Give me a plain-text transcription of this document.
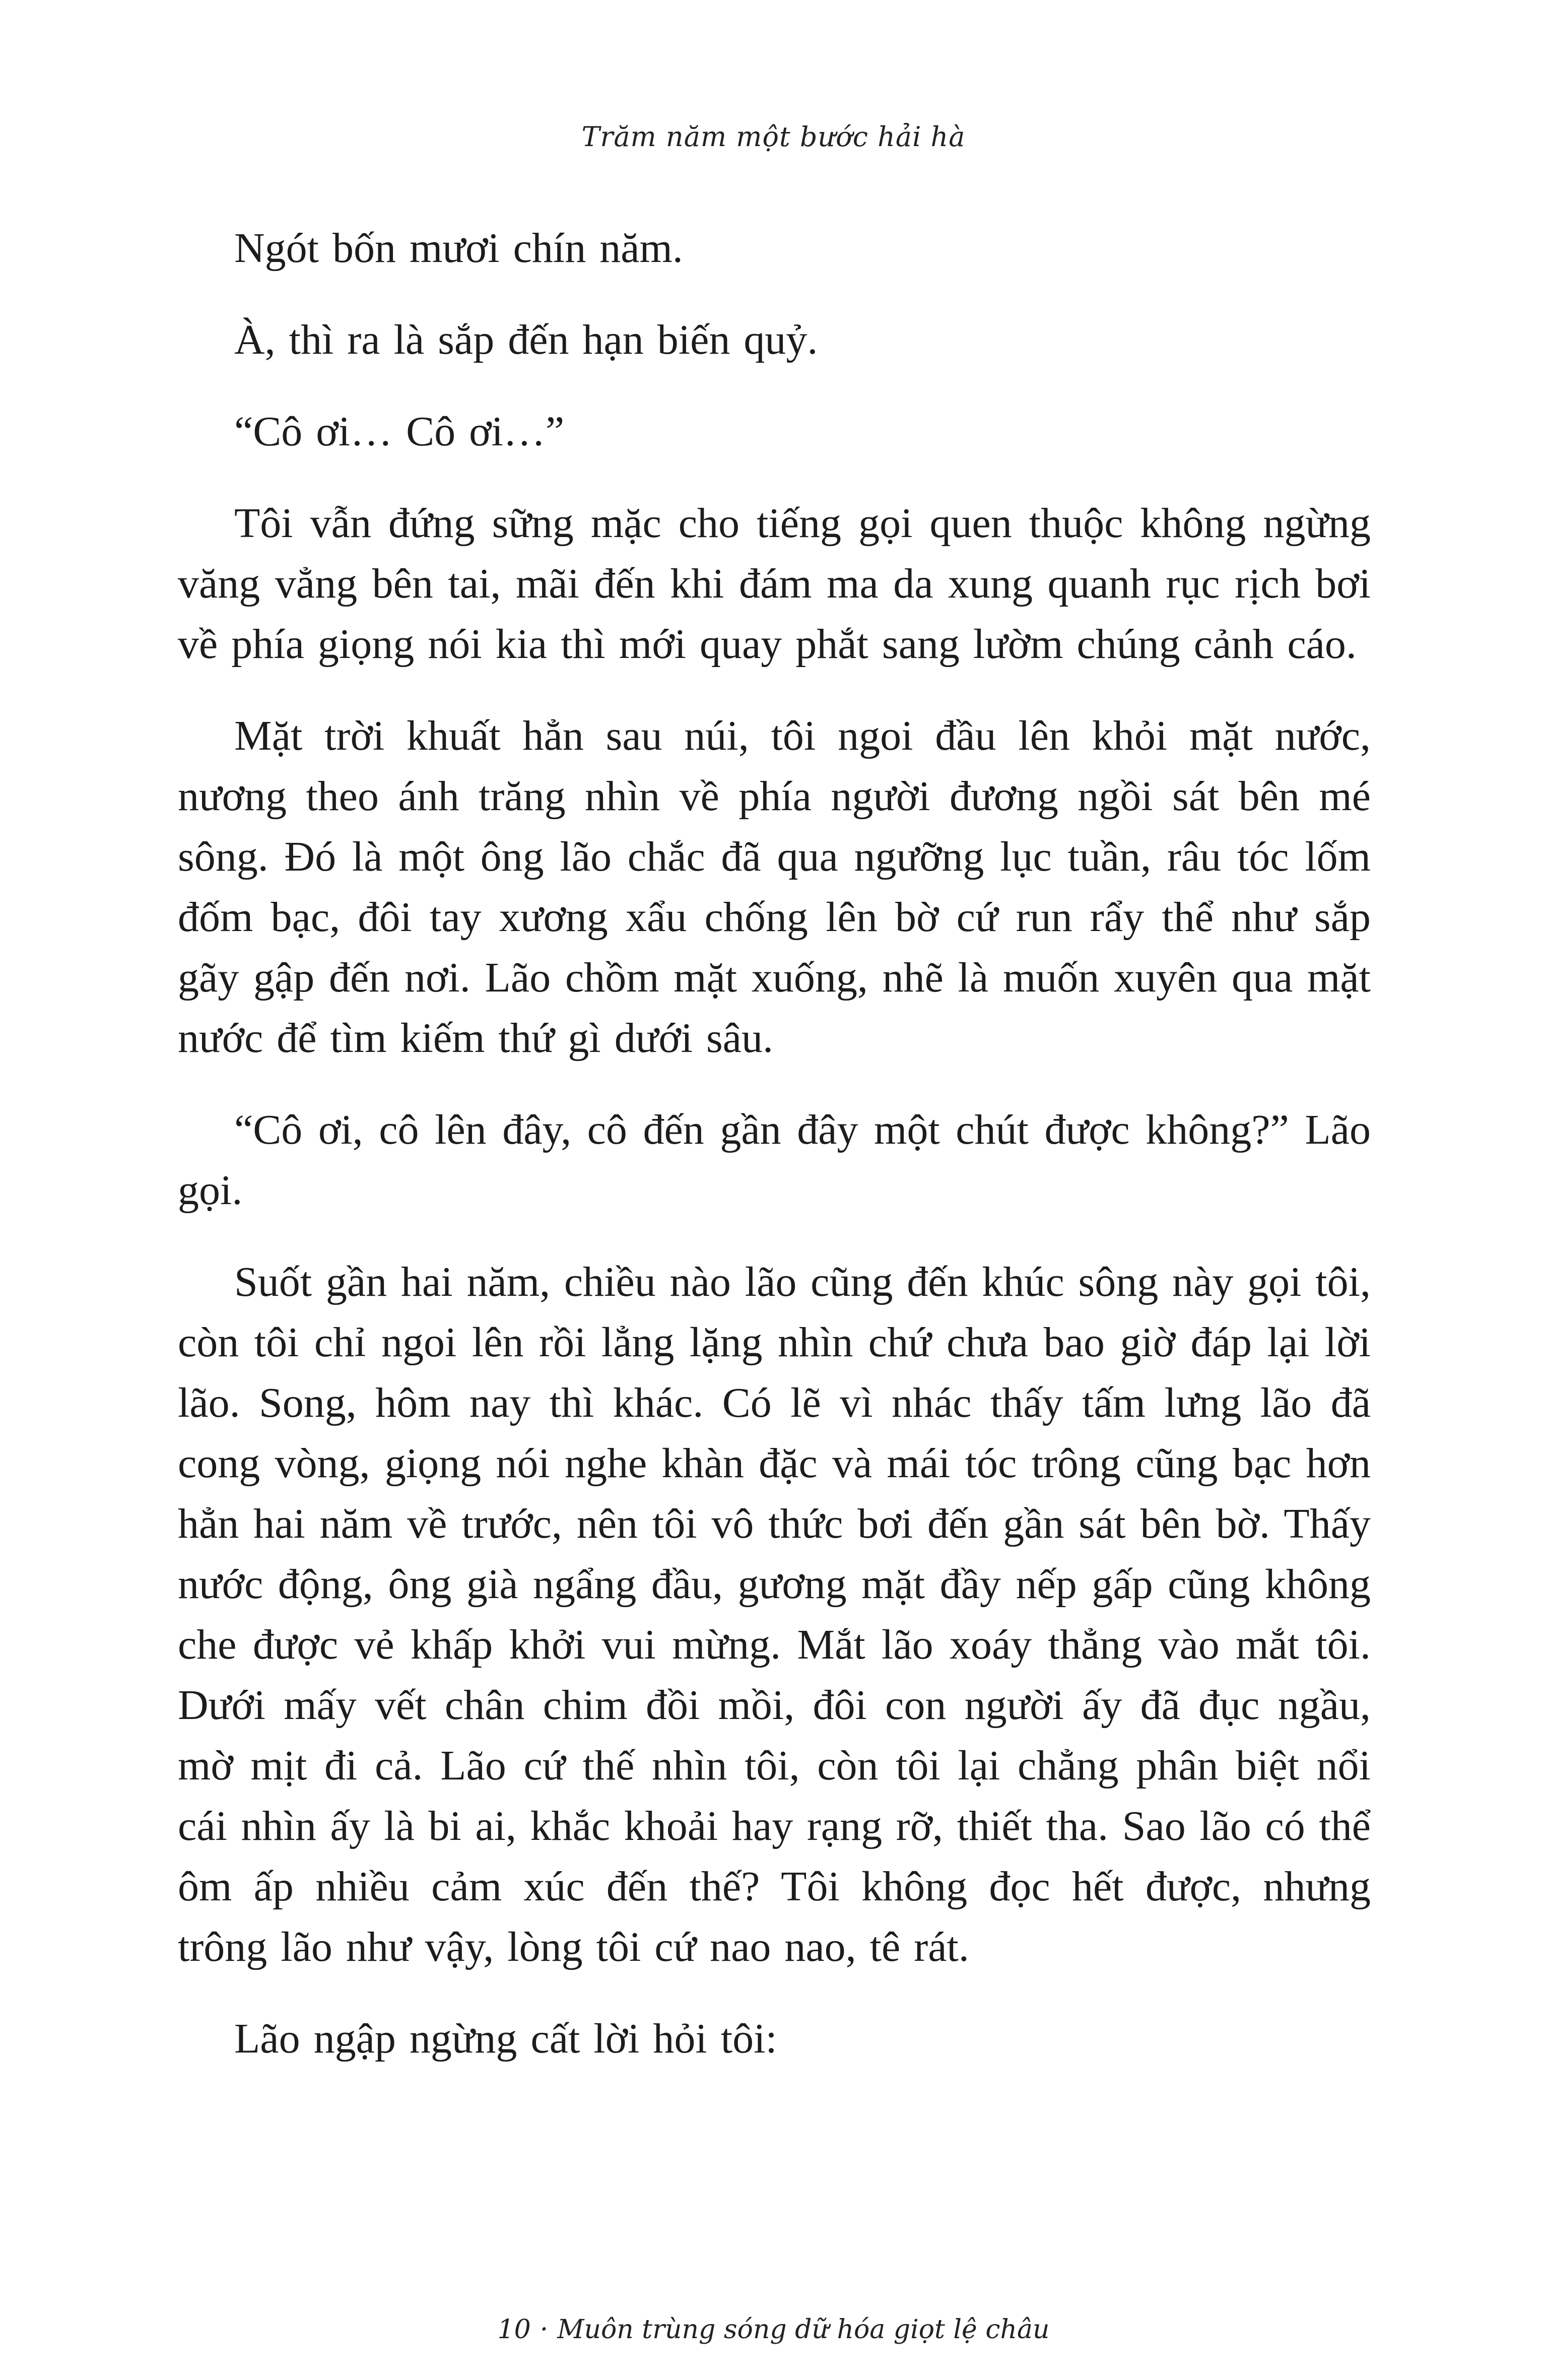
Trăm năm một bước hải hà

Ngót bốn mươi chín năm.

À, thì ra là sắp đến hạn biến quỷ.

“Cô ơi… Cô ơi…”

Tôi vẫn đứng sững mặc cho tiếng gọi quen thuộc không ngừng văng vẳng bên tai, mãi đến khi đám ma da xung quanh rục rịch bơi về phía giọng nói kia thì mới quay phắt sang lườm chúng cảnh cáo.

Mặt trời khuất hẳn sau núi, tôi ngoi đầu lên khỏi mặt nước, nương theo ánh trăng nhìn về phía người đương ngồi sát bên mé sông. Đó là một ông lão chắc đã qua ngưỡng lục tuần, râu tóc lốm đốm bạc, đôi tay xương xẩu chống lên bờ cứ run rẩy thể như sắp gãy gập đến nơi. Lão chồm mặt xuống, nhẽ là muốn xuyên qua mặt nước để tìm kiếm thứ gì dưới sâu.

“Cô ơi, cô lên đây, cô đến gần đây một chút được không?” Lão gọi.

Suốt gần hai năm, chiều nào lão cũng đến khúc sông này gọi tôi, còn tôi chỉ ngoi lên rồi lẳng lặng nhìn chứ chưa bao giờ đáp lại lời lão. Song, hôm nay thì khác. Có lẽ vì nhác thấy tấm lưng lão đã cong vòng, giọng nói nghe khàn đặc và mái tóc trông cũng bạc hơn hẳn hai năm về trước, nên tôi vô thức bơi đến gần sát bên bờ. Thấy nước động, ông già ngẩng đầu, gương mặt đầy nếp gấp cũng không che được vẻ khấp khởi vui mừng. Mắt lão xoáy thẳng vào mắt tôi. Dưới mấy vết chân chim đồi mồi, đôi con người ấy đã đục ngầu, mờ mịt đi cả. Lão cứ thế nhìn tôi, còn tôi lại chẳng phân biệt nổi cái nhìn ấy là bi ai, khắc khoải hay rạng rỡ, thiết tha. Sao lão có thể ôm ấp nhiều cảm xúc đến thế? Tôi không đọc hết được, nhưng trông lão như vậy, lòng tôi cứ nao nao, tê rát.

Lão ngập ngừng cất lời hỏi tôi:

10 · Muôn trùng sóng dữ hóa giọt lệ châu
